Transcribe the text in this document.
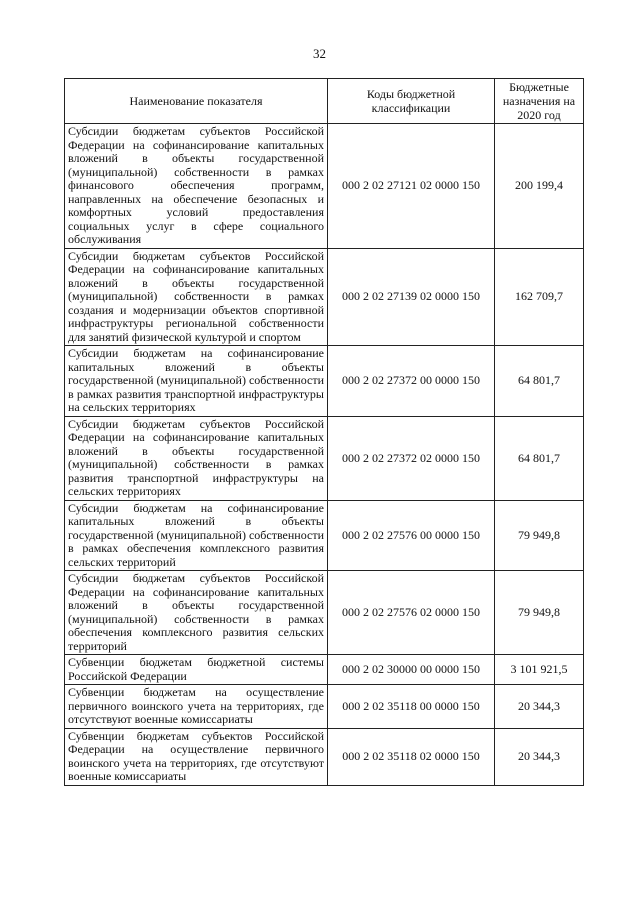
32
Наименование показателя	Коды бюджетной классификации	Бюджетные назначения на 2020 год
Субсидии бюджетам субъектов Российской Федерации на софинансирование капитальных вложений в объекты государственной (муниципальной) собственности в рамках финансового обеспечения программ, направленных на обеспечение безопасных и комфортных условий предоставления социальных услуг в сфере социального обслуживания	000 2 02 27121 02 0000 150	200 199,4
Субсидии бюджетам субъектов Российской Федерации на софинансирование капитальных вложений в объекты государственной (муниципальной) собственности в рамках создания и модернизации объектов спортивной инфраструктуры региональной собственности для занятий физической культурой и спортом	000 2 02 27139 02 0000 150	162 709,7
Субсидии бюджетам на софинансирование капитальных вложений в объекты государственной (муниципальной) собственности в рамках развития транспортной инфраструктуры на сельских территориях	000 2 02 27372 00 0000 150	64 801,7
Субсидии бюджетам субъектов Российской Федерации на софинансирование капитальных вложений в объекты государственной (муниципальной) собственности в рамках развития транспортной инфраструктуры на сельских территориях	000 2 02 27372 02 0000 150	64 801,7
Субсидии бюджетам на софинансирование капитальных вложений в объекты государственной (муниципальной) собственности в рамках обеспечения комплексного развития сельских территорий	000 2 02 27576 00 0000 150	79 949,8
Субсидии бюджетам субъектов Российской Федерации на софинансирование капитальных вложений в объекты государственной (муниципальной) собственности в рамках обеспечения комплексного развития сельских территорий	000 2 02 27576 02 0000 150	79 949,8
Субвенции бюджетам бюджетной системы Российской Федерации	000 2 02 30000 00 0000 150	3 101 921,5
Субвенции бюджетам на осуществление первичного воинского учета на территориях, где отсутствуют военные комиссариаты	000 2 02 35118 00 0000 150	20 344,3
Субвенции бюджетам субъектов Российской Федерации на осуществление первичного воинского учета на территориях, где отсутствуют военные комиссариаты	000 2 02 35118 02 0000 150	20 344,3
